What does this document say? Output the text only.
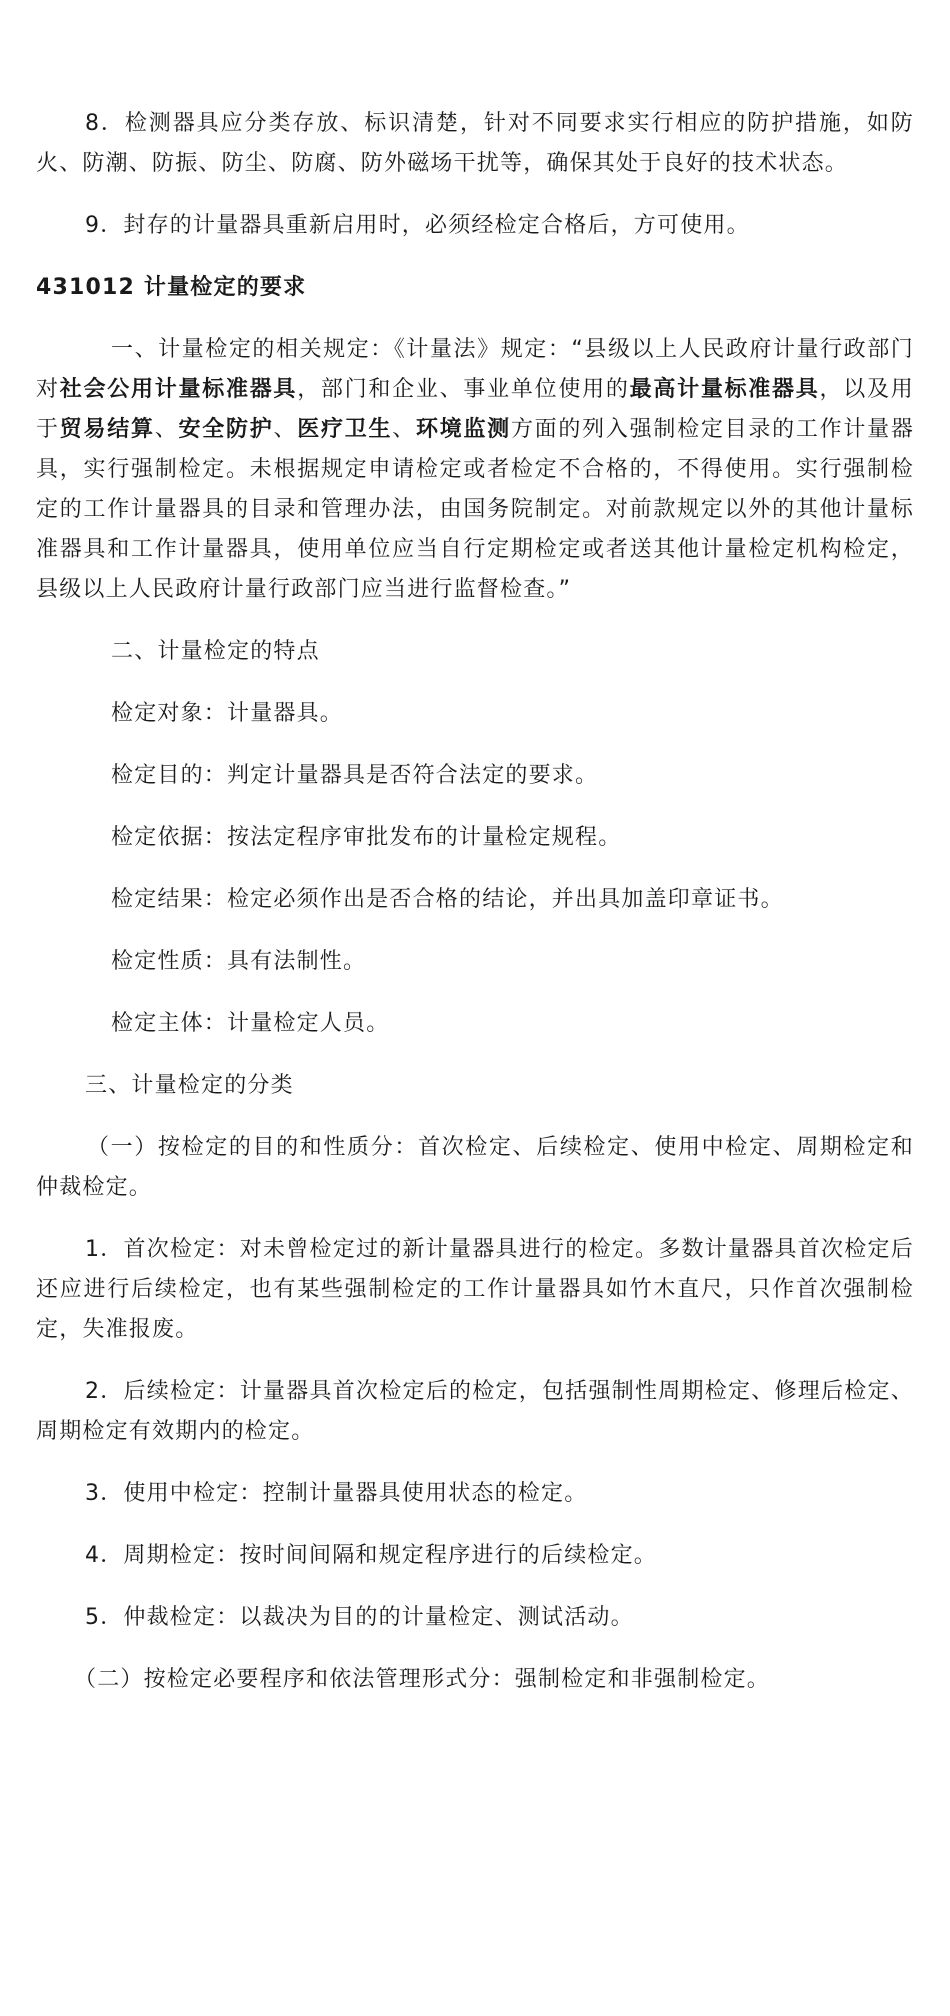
8．检测器具应分类存放、标识清楚，针对不同要求实行相应的防护措施，如防火、防潮、防振、防尘、防腐、防外磁场干扰等，确保其处于良好的技术状态。

9．封存的计量器具重新启用时，必须经检定合格后，方可使用。

431012 计量检定的要求

一、计量检定的相关规定：《计量法》规定：“县级以上人民政府计量行政部门对社会公用计量标准器具，部门和企业、事业单位使用的最高计量标准器具，以及用于贸易结算、安全防护、医疗卫生、环境监测方面的列入强制检定目录的工作计量器具，实行强制检定。未根据规定申请检定或者检定不合格的，不得使用。实行强制检定的工作计量器具的目录和管理办法，由国务院制定。对前款规定以外的其他计量标准器具和工作计量器具，使用单位应当自行定期检定或者送其他计量检定机构检定，县级以上人民政府计量行政部门应当进行监督检查。”

二、计量检定的特点

检定对象：计量器具。

检定目的：判定计量器具是否符合法定的要求。

检定依据：按法定程序审批发布的计量检定规程。

检定结果：检定必须作出是否合格的结论，并出具加盖印章证书。

检定性质：具有法制性。

检定主体：计量检定人员。

三、计量检定的分类

（一）按检定的目的和性质分：首次检定、后续检定、使用中检定、周期检定和仲裁检定。

1．首次检定：对未曾检定过的新计量器具进行的检定。多数计量器具首次检定后还应进行后续检定，也有某些强制检定的工作计量器具如竹木直尺，只作首次强制检定，失准报废。

2．后续检定：计量器具首次检定后的检定，包括强制性周期检定、修理后检定、周期检定有效期内的检定。

3．使用中检定：控制计量器具使用状态的检定。

4．周期检定：按时间间隔和规定程序进行的后续检定。

5．仲裁检定：以裁决为目的的计量检定、测试活动。

（二）按检定必要程序和依法管理形式分：强制检定和非强制检定。
